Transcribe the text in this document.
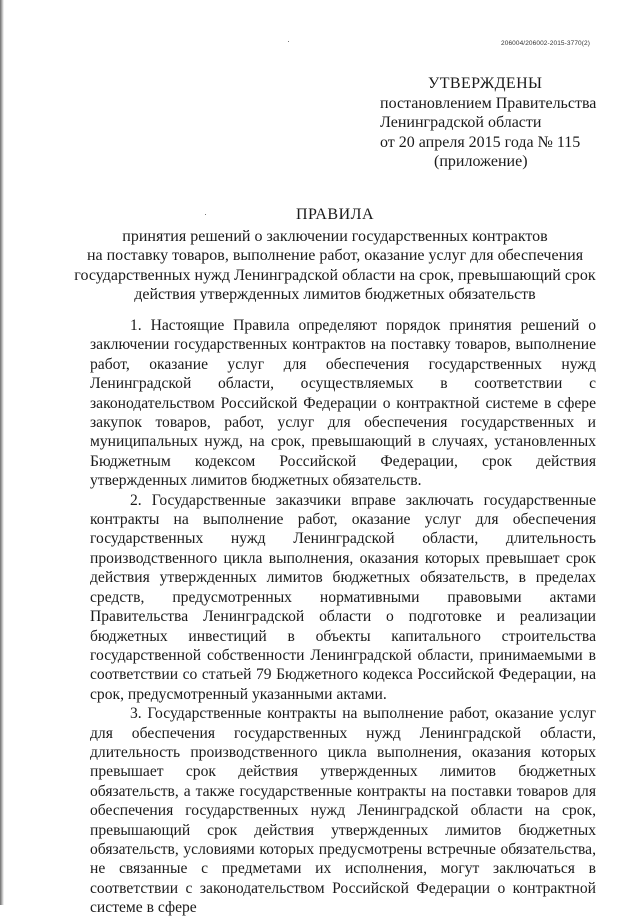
206004/206002-2015-3770(2)
УТВЕРЖДЕНЫ
постановлением Правительства
Ленинградской области
от 20 апреля 2015 года № 115
(приложение)
ПРАВИЛА
принятия решений о заключении государственных контрактов
на поставку товаров, выполнение работ, оказание услуг для обеспечения
государственных нужд Ленинградской области на срок, превышающий срок
действия утвержденных лимитов бюджетных обязательств

1. Настоящие Правила определяют порядок принятия решений о заключении государственных контрактов на поставку товаров, выполнение работ, оказание услуг для обеспечения государственных нужд Ленинградской области, осуществляемых в соответствии с законодательством Российской Федерации о контрактной системе в сфере закупок товаров, работ, услуг для обеспечения государственных и муниципальных нужд, на срок, превышающий в случаях, установленных Бюджетным кодексом Российской Федерации, срок действия утвержденных лимитов бюджетных обязательств.

2. Государственные заказчики вправе заключать государственные контракты на выполнение работ, оказание услуг для обеспечения государственных нужд Ленинградской области, длительность производственного цикла выполнения, оказания которых превышает срок действия утвержденных лимитов бюджетных обязательств, в пределах средств, предусмотренных нормативными правовыми актами Правительства Ленинградской области о подготовке и реализации бюджетных инвестиций в объекты капитального строительства государственной собственности Ленинградской области, принимаемыми в соответствии со статьей 79 Бюджетного кодекса Российской Федерации, на срок, предусмотренный указанными актами.

3. Государственные контракты на выполнение работ, оказание услуг для обеспечения государственных нужд Ленинградской области, длительность производственного цикла выполнения, оказания которых превышает срок действия утвержденных лимитов бюджетных обязательств, а также государственные контракты на поставки товаров для обеспечения государственных нужд Ленинградской области на срок, превышающий срок действия утвержденных лимитов бюджетных обязательств, условиями которых предусмотрены встречные обязательства, не связанные с предметами их исполнения, могут заключаться в соответствии с законодательством Российской Федерации о контрактной системе в сфере
